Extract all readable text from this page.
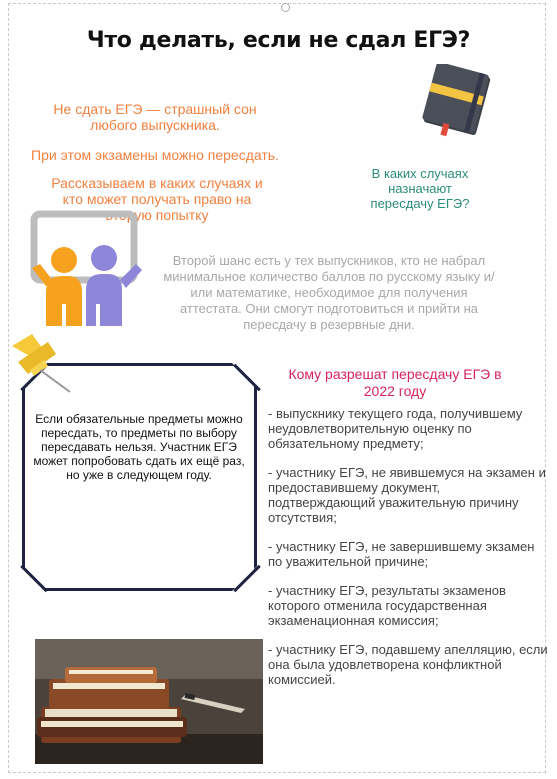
Что делать, если не сдал ЕГЭ?
Не сдать ЕГЭ — страшный сон любого выпускника.
При этом экзамены можно пересдать.
Рассказываем в каких случаях и кто может получать право на вторую попытку
В каких случаях назначают пересдачу ЕГЭ?
Второй шанс есть у тех выпускников, кто не набрал минимальное количество баллов по русскому языку и/или математике, необходимое для получения аттестата. Они смогут подготовиться и прийти на пересдачу в резервные дни.
Если обязательные предметы можно пересдать, то предметы по выбору пересдавать нельзя. Участник ЕГЭ может попробовать сдать их ещё раз, но уже в следующем году.
Кому разрешат пересдачу ЕГЭ в 2022 году

- выпускнику текущего года, получившему неудовлетворительную оценку по обязательному предмету;

- участнику ЕГЭ, не явившемуся на экзамен и предоставившему документ, подтверждающий уважительную причину отсутствия;

- участнику ЕГЭ, не завершившему экзамен по уважительной причине;

- участнику ЕГЭ, результаты экзаменов которого отменила государственная экзаменационная комиссия;

- участнику ЕГЭ, подавшему апелляцию, если она была удовлетворена конфликтной комиссией.
